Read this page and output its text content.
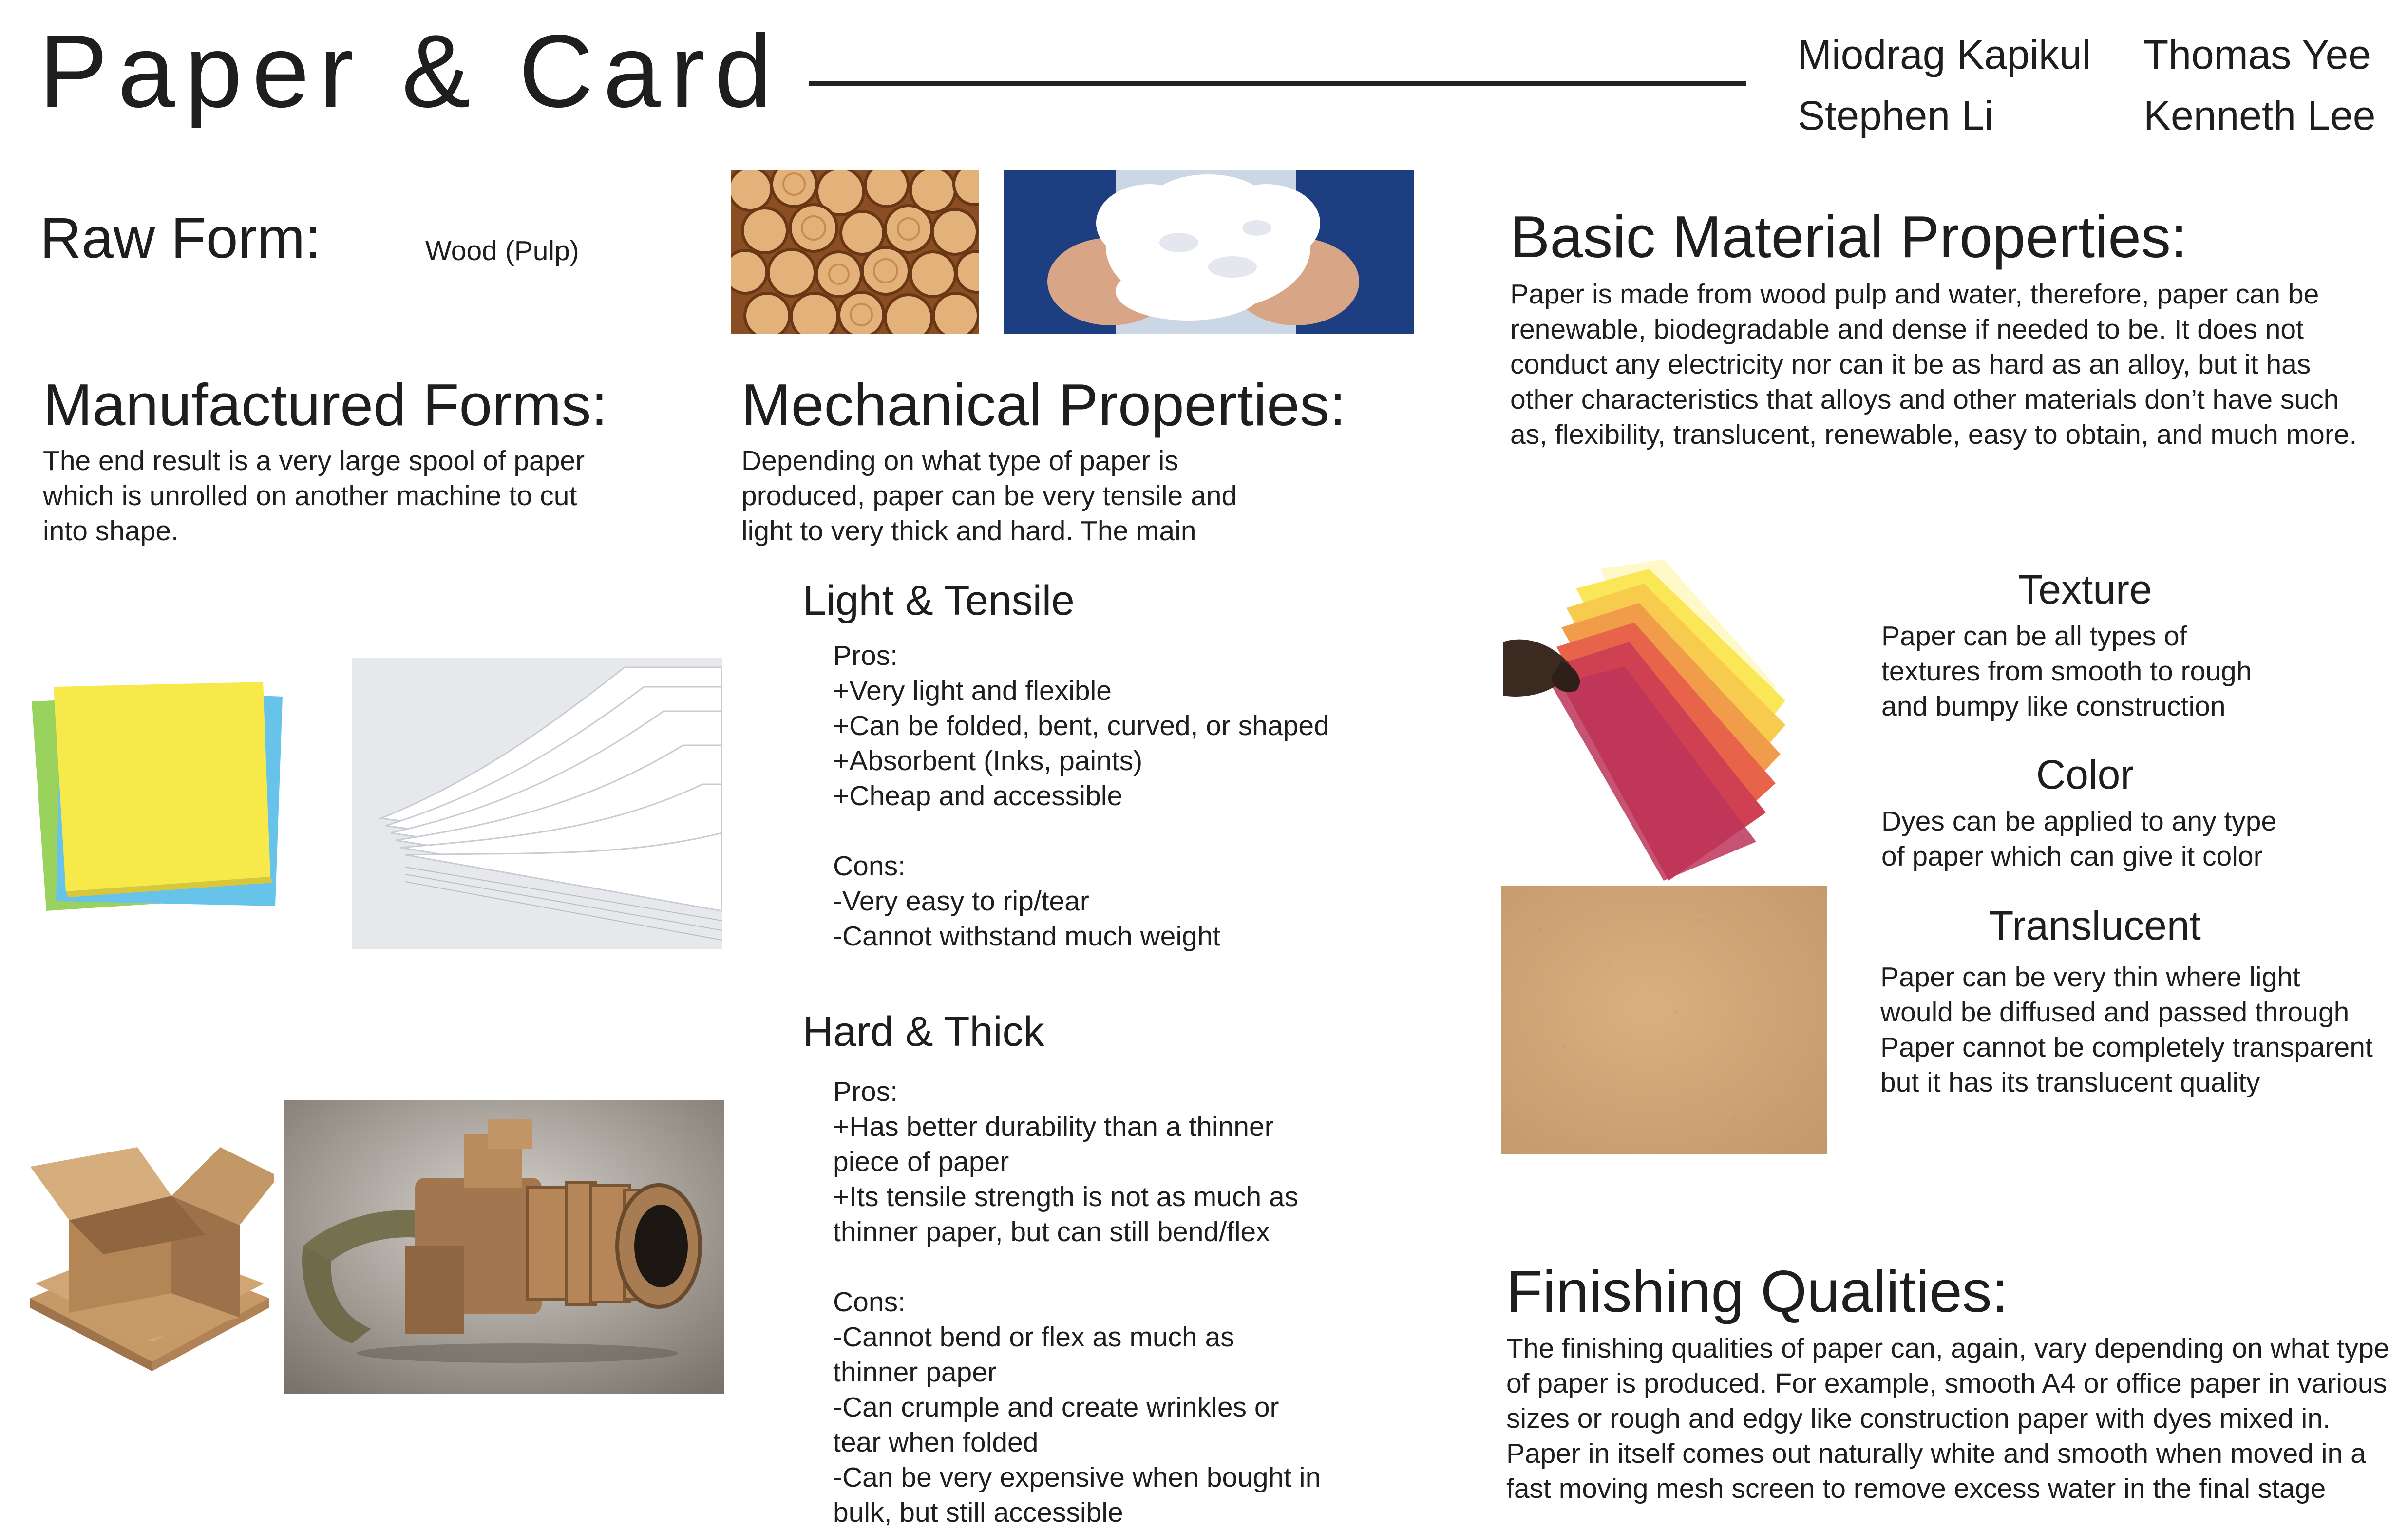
Paper & Card	Miodrag Kapikul Thomas Yee
Stephen Li	Kenneth Lee
Raw Form:	Wood (Pulp)
Manufactured Forms:
The end result is a very large spool of paper
which is unrolled on another machine to cut
into shape.
Mechanical Properties:
Depending on what type of paper is
produced, paper can be very tensile and
light to very thick and hard. The main
Light & Tensile
Pros:
+Very light and flexible
+Can be folded, bent, curved, or shaped
+Absorbent (Inks, paints)
+Cheap and accessible
Cons:
-Very easy to rip/tear
-Cannot withstand much weight
Hard & Thick
Pros:
+Has better durability than a thinner
piece of paper
+Its tensile strength is not as much as
thinner paper, but can still bend/flex
Cons:
-Cannot bend or flex as much as
thinner paper
-Can crumple and create wrinkles or
tear when folded
-Can be very expensive when bought in
bulk, but still accessible
Basic Material Properties:
Paper is made from wood pulp and water, therefore, paper can be
renewable, biodegradable and dense if needed to be. It does not
conduct any electricity nor can it be as hard as an alloy, but it has
other characteristics that alloys and other materials don’t have such
as, flexibility, translucent, renewable, easy to obtain, and much more.
Texture
Paper can be all types of
textures from smooth to rough
and bumpy like construction
Color
Dyes can be applied to any type
of paper which can give it color
Translucent
Paper can be very thin where light
would be diffused and passed through
Paper cannot be completely transparent
but it has its translucent quality
Finishing Qualities:
The finishing qualities of paper can, again, vary depending on what type
of paper is produced. For example, smooth A4 or office paper in various
sizes or rough and edgy like construction paper with dyes mixed in.
Paper in itself comes out naturally white and smooth when moved in a
fast moving mesh screen to remove excess water in the final stage
